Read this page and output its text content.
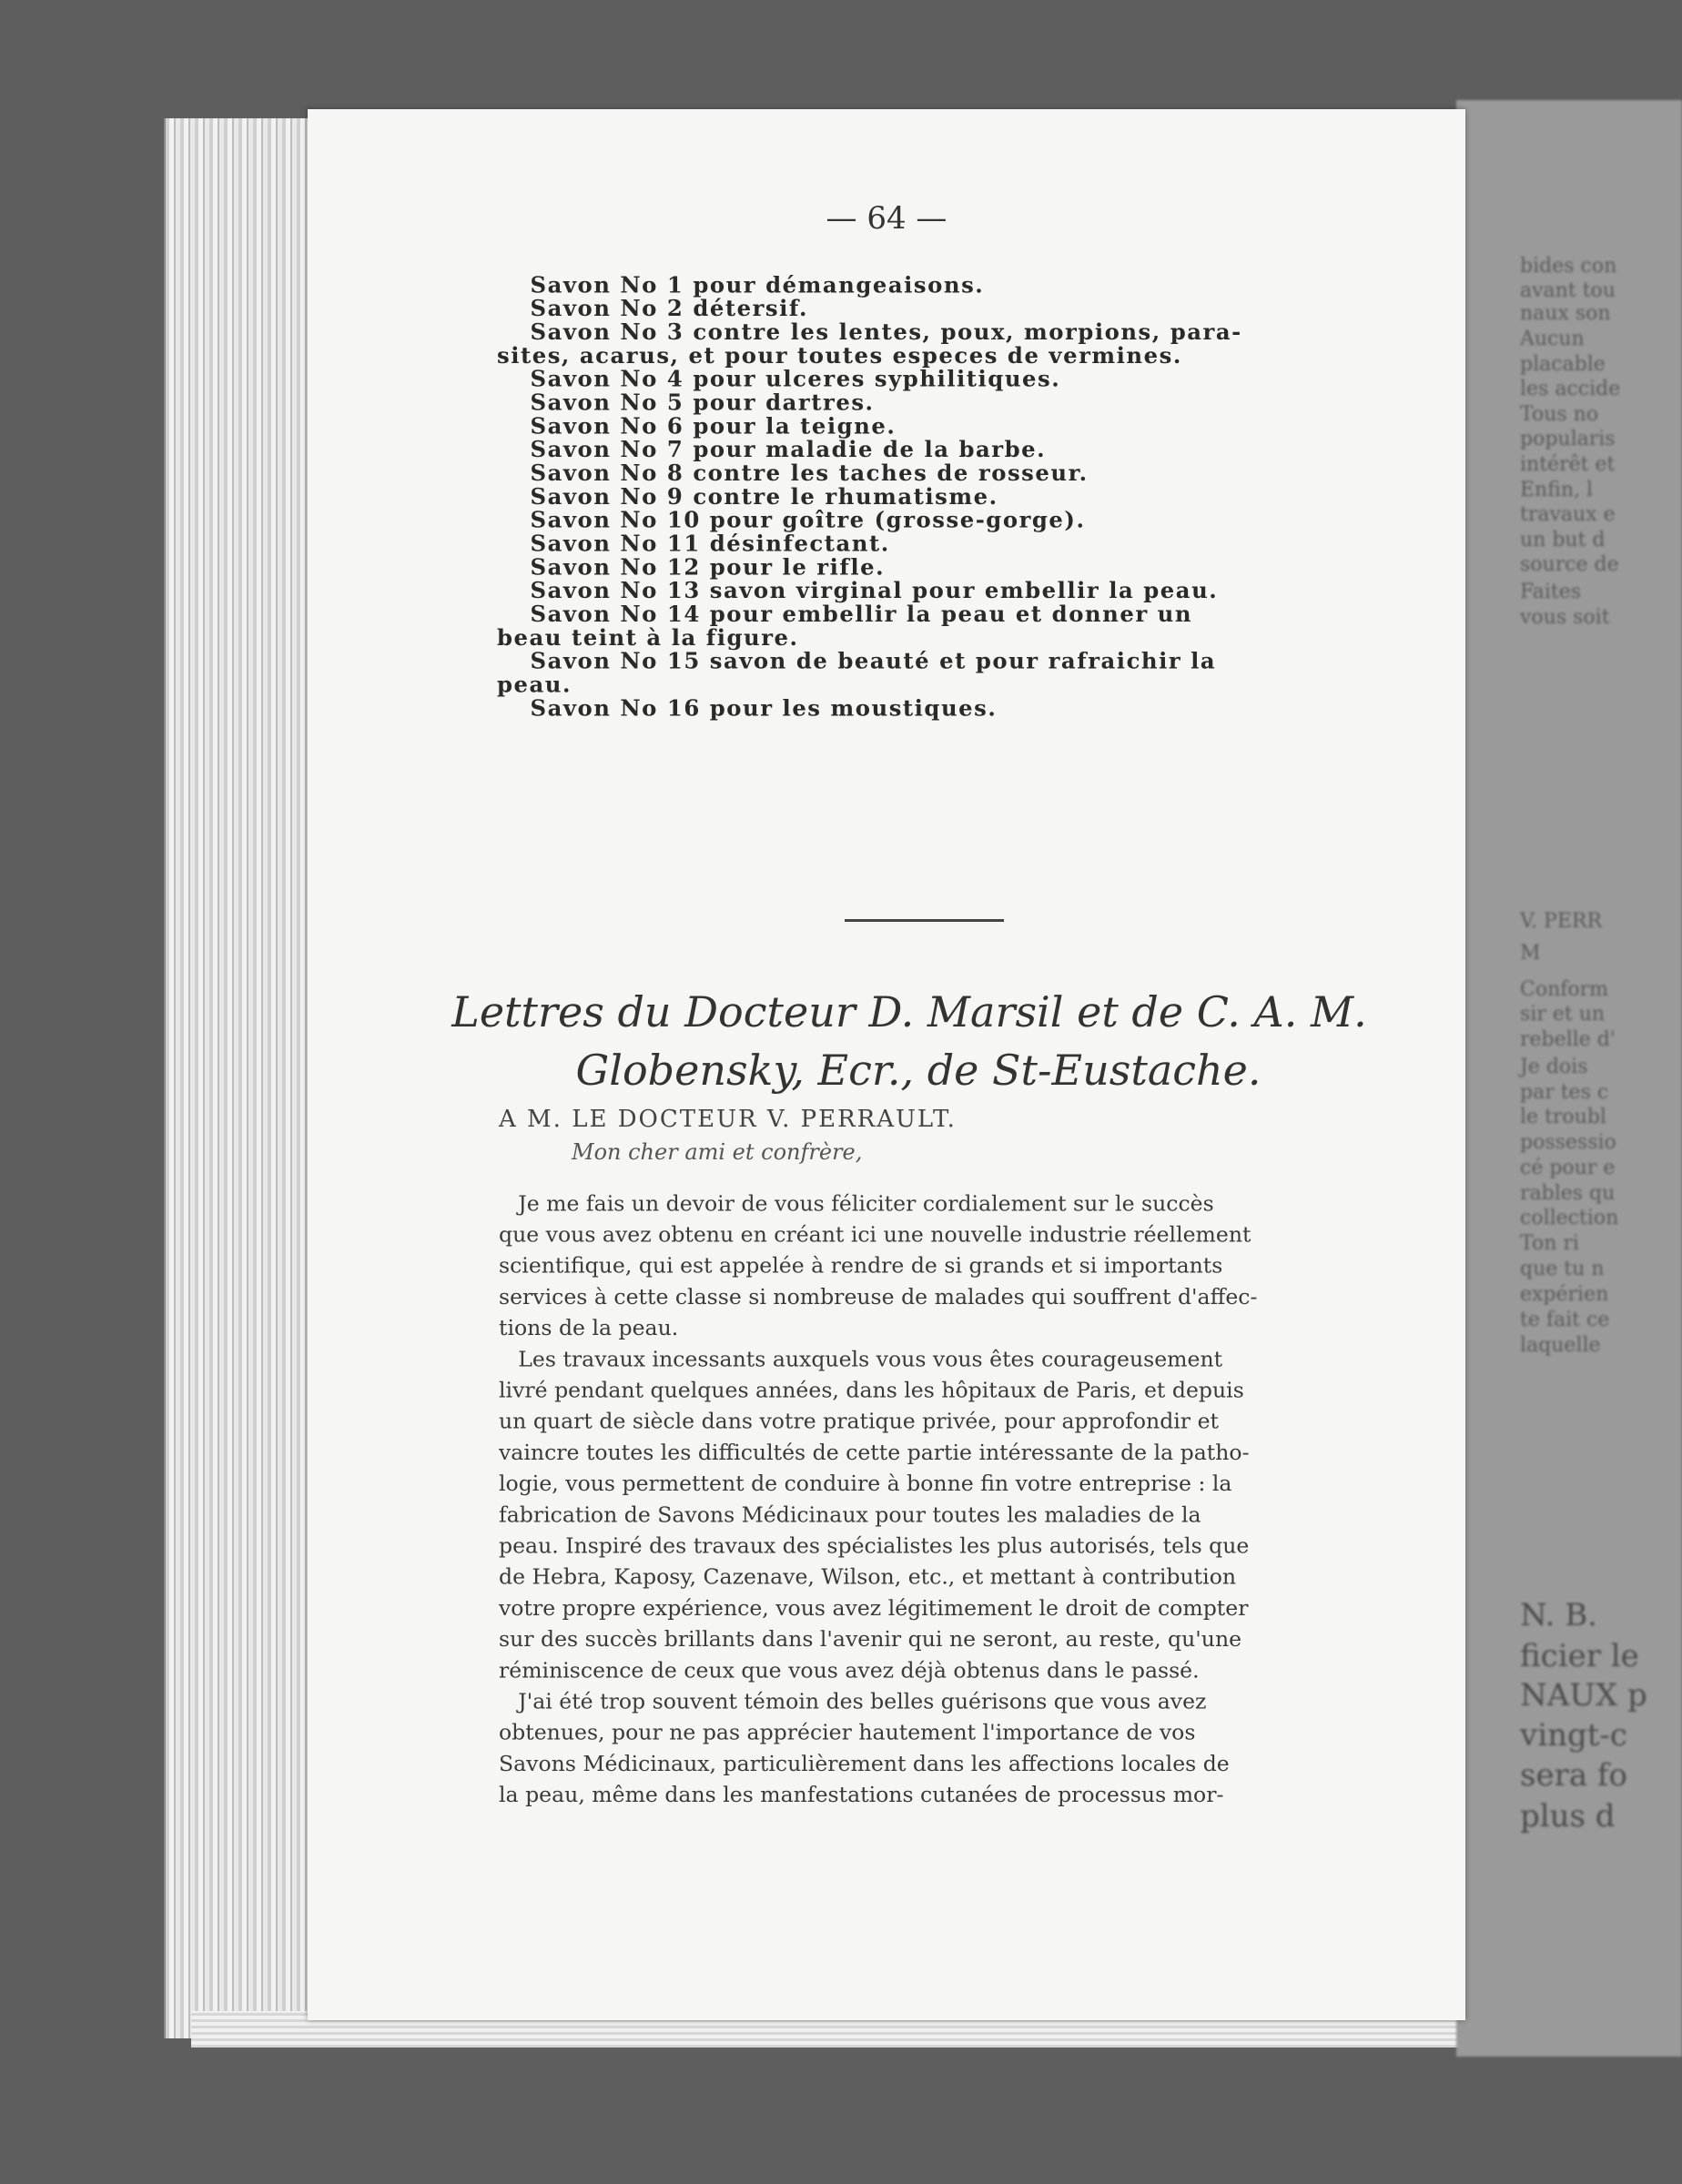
bides con
avant tou
naux son
Aucun
placable
les accide
Tous no
popularis
intérêt et
Enfin, l
travaux e
un but d
source de
Faites
vous soit
V. PERR
M
Conform
sir et un
rebelle d'
Je dois
par tes c
le troubl
possessio
cé pour e
rables qu
collection
Ton ri
que tu n
expérien
te fait ce
laquelle
N. B.
ficier le
NAUX p
vingt-c
sera fo
plus d
— 64 —
Savon No 1 pour démangeaisons.
Savon No 2 détersif.
Savon No 3 contre les lentes, poux, morpions, para-
sites, acarus, et pour toutes especes de vermines.
Savon No 4 pour ulceres syphilitiques.
Savon No 5 pour dartres.
Savon No 6 pour la teigne.
Savon No 7 pour maladie de la barbe.
Savon No 8 contre les taches de rosseur.
Savon No 9 contre le rhumatisme.
Savon No 10 pour goître (grosse-gorge).
Savon No 11 désinfectant.
Savon No 12 pour le rifle.
Savon No 13 savon virginal pour embellir la peau.
Savon No 14 pour embellir la peau et donner un
beau teint à la figure.
Savon No 15 savon de beauté et pour rafraichir la
peau.
Savon No 16 pour les moustiques.
Lettres du Docteur D. Marsil et de C. A. M.
Globensky, Ecr., de St-Eustache.
A M. LE DOCTEUR V. PERRAULT.
Mon cher ami et confrère,
Je me fais un devoir de vous féliciter cordialement sur le succès
que vous avez obtenu en créant ici une nouvelle industrie réellement
scientifique, qui est appelée à rendre de si grands et si importants
services à cette classe si nombreuse de malades qui souffrent d'affec-
tions de la peau.
Les travaux incessants auxquels vous vous êtes courageusement
livré pendant quelques années, dans les hôpitaux de Paris, et depuis
un quart de siècle dans votre pratique privée, pour approfondir et
vaincre toutes les difficultés de cette partie intéressante de la patho-
logie, vous permettent de conduire à bonne fin votre entreprise : la
fabrication de Savons Médicinaux pour toutes les maladies de la
peau. Inspiré des travaux des spécialistes les plus autorisés, tels que
de Hebra, Kaposy, Cazenave, Wilson, etc., et mettant à contribution
votre propre expérience, vous avez légitimement le droit de compter
sur des succès brillants dans l'avenir qui ne seront, au reste, qu'une
réminiscence de ceux que vous avez déjà obtenus dans le passé.
J'ai été trop souvent témoin des belles guérisons que vous avez
obtenues, pour ne pas apprécier hautement l'importance de vos
Savons Médicinaux, particulièrement dans les affections locales de
la peau, même dans les manfestations cutanées de processus mor-
